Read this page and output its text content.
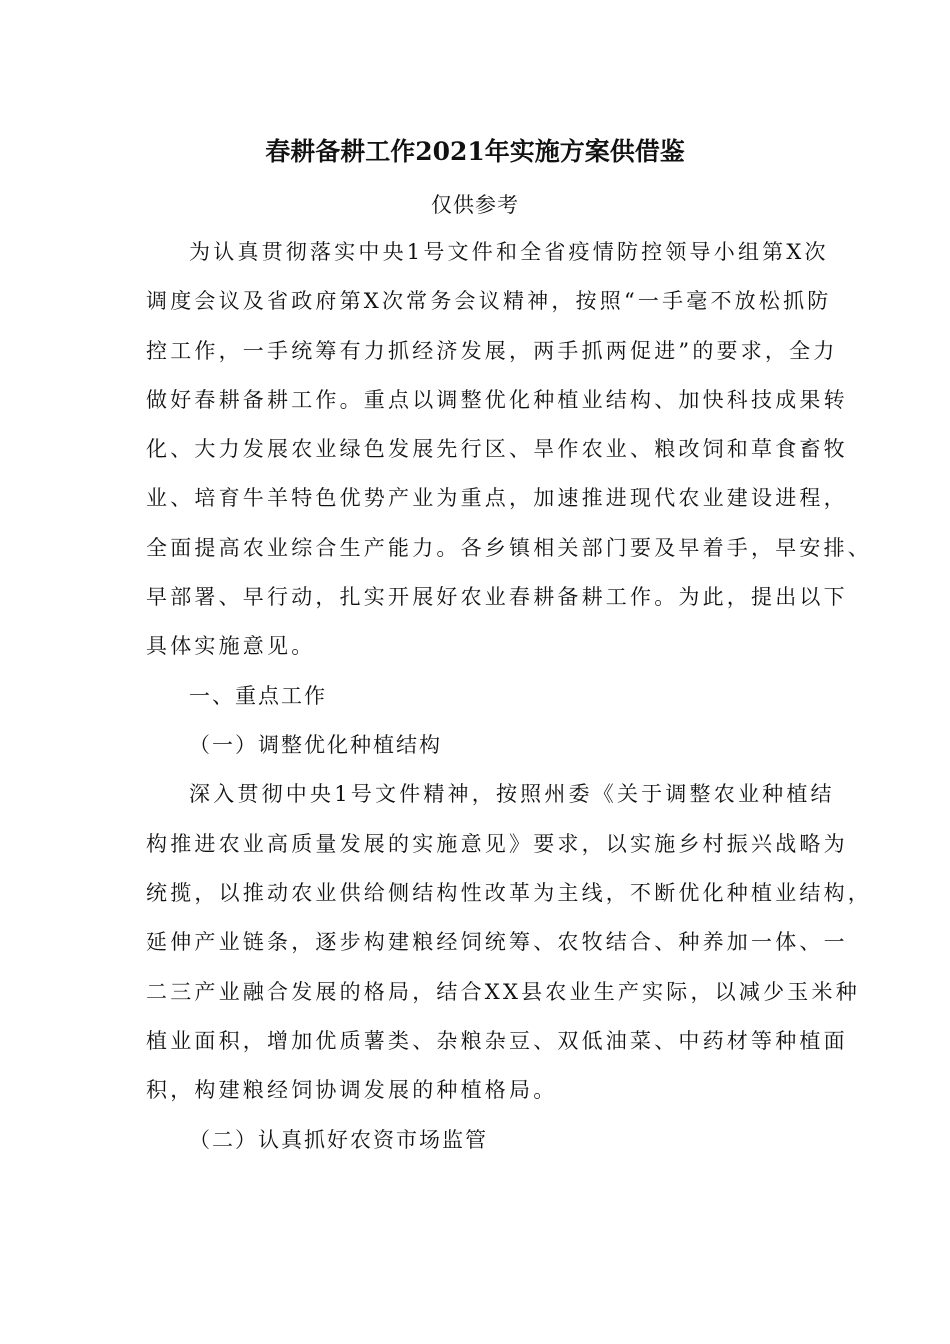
春耕备耕工作2021年实施方案供借鉴
仅供参考
为认真贯彻落实中央1号文件和全省疫情防控领导小组第X次
调度会议及省政府第X次常务会议精神，按照“一手毫不放松抓防
控工作，一手统筹有力抓经济发展，两手抓两促进”的要求，全力
做好春耕备耕工作。重点以调整优化种植业结构、加快科技成果转
化、大力发展农业绿色发展先行区、旱作农业、粮改饲和草食畜牧
业、培育牛羊特色优势产业为重点，加速推进现代农业建设进程，
全面提高农业综合生产能力。各乡镇相关部门要及早着手，早安排、
早部署、早行动，扎实开展好农业春耕备耕工作。为此，提出以下
具体实施意见。
一、重点工作
（一）调整优化种植结构
深入贯彻中央1号文件精神，按照州委《关于调整农业种植结
构推进农业高质量发展的实施意见》要求，以实施乡村振兴战略为
统揽，以推动农业供给侧结构性改革为主线，不断优化种植业结构，
延伸产业链条，逐步构建粮经饲统筹、农牧结合、种养加一体、一
二三产业融合发展的格局，结合XX县农业生产实际，以减少玉米种
植业面积，增加优质薯类、杂粮杂豆、双低油菜、中药材等种植面
积，构建粮经饲协调发展的种植格局。
（二）认真抓好农资市场监管
